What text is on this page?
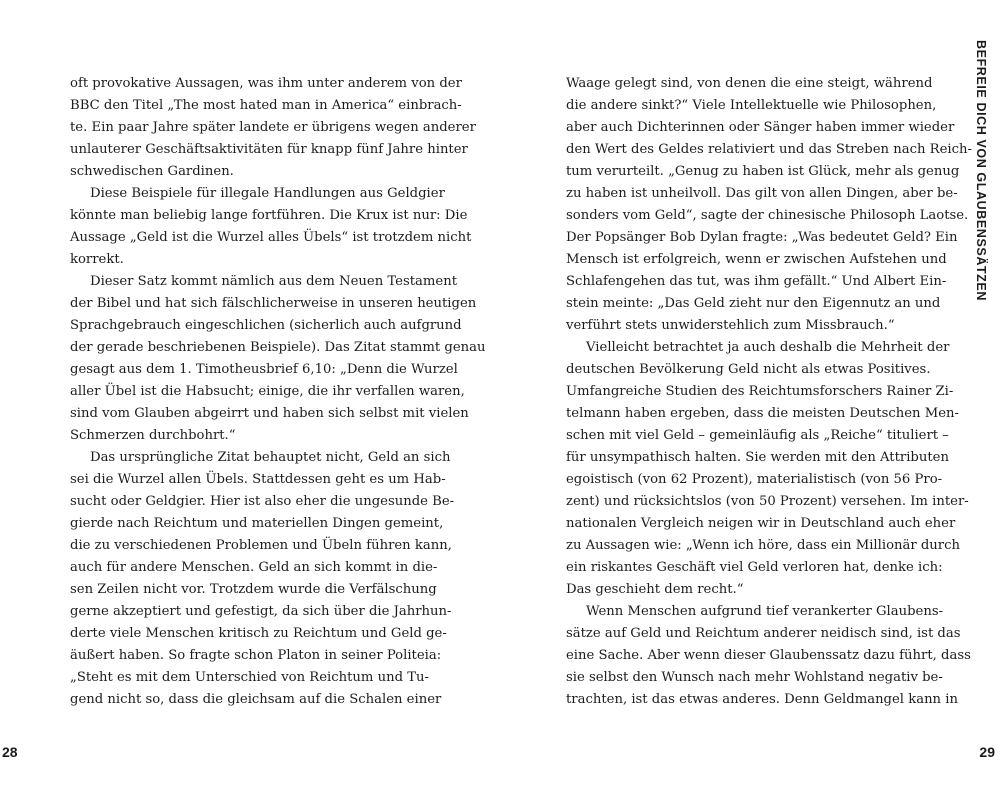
oft provokative Aussagen, was ihm unter anderem von der
BBC den Titel „The most hated man in America“ einbrach-
te. Ein paar Jahre später landete er übrigens wegen anderer
unlauterer Geschäftsaktivitäten für knapp fünf Jahre hinter
schwedischen Gardinen.

Diese Beispiele für illegale Handlungen aus Geldgier
könnte man beliebig lange fortführen. Die Krux ist nur: Die
Aussage „Geld ist die Wurzel alles Übels“ ist trotzdem nicht
korrekt.

Dieser Satz kommt nämlich aus dem Neuen Testament
der Bibel und hat sich fälschlicherweise in unseren heutigen
Sprachgebrauch eingeschlichen (sicherlich auch aufgrund
der gerade beschriebenen Beispiele). Das Zitat stammt genau
gesagt aus dem 1. Timotheusbrief 6,10: „Denn die Wurzel
aller Übel ist die Habsucht; einige, die ihr verfallen waren,
sind vom Glauben abgeirrt und haben sich selbst mit vielen
Schmerzen durchbohrt.“

Das ursprüngliche Zitat behauptet nicht, Geld an sich
sei die Wurzel allen Übels. Stattdessen geht es um Hab-
sucht oder Geldgier. Hier ist also eher die ungesunde Be-
gierde nach Reichtum und materiellen Dingen gemeint,
die zu verschiedenen Problemen und Übeln führen kann,
auch für andere Menschen. Geld an sich kommt in die-
sen Zeilen nicht vor. Trotzdem wurde die Verfälschung
gerne akzeptiert und gefestigt, da sich über die Jahrhun-
derte viele Menschen kritisch zu Reichtum und Geld ge-
äußert haben. So fragte schon Platon in seiner Politeia:
„Steht es mit dem Unterschied von Reichtum und Tu-
gend nicht so, dass die gleichsam auf die Schalen einer

28

Waage gelegt sind, von denen die eine steigt, während
die andere sinkt?“ Viele Intellektuelle wie Philosophen,
aber auch Dichterinnen oder Sänger haben immer wieder
den Wert des Geldes relativiert und das Streben nach Reich-
tum verurteilt. „Genug zu haben ist Glück, mehr als genug
zu haben ist unheilvoll. Das gilt von allen Dingen, aber be-
sonders vom Geld“, sagte der chinesische Philosoph Laotse.
Der Popsänger Bob Dylan fragte: „Was bedeutet Geld? Ein
Mensch ist erfolgreich, wenn er zwischen Aufstehen und
Schlafengehen das tut, was ihm gefällt.“ Und Albert Ein-
stein meinte: „Das Geld zieht nur den Eigennutz an und
verführt stets unwiderstehlich zum Missbrauch.“

Vielleicht betrachtet ja auch deshalb die Mehrheit der
deutschen Bevölkerung Geld nicht als etwas Positives.
Umfangreiche Studien des Reichtumsforschers Rainer Zi-
telmann haben ergeben, dass die meisten Deutschen Men-
schen mit viel Geld – gemeinläufig als „Reiche“ tituliert –
für unsympathisch halten. Sie werden mit den Attributen
egoistisch (von 62 Prozent), materialistisch (von 56 Pro-
zent) und rücksichtslos (von 50 Prozent) versehen. Im inter-
nationalen Vergleich neigen wir in Deutschland auch eher
zu Aussagen wie: „Wenn ich höre, dass ein Millionär durch
ein riskantes Geschäft viel Geld verloren hat, denke ich:
Das geschieht dem recht.“

Wenn Menschen aufgrund tief verankerter Glaubens-
sätze auf Geld und Reichtum anderer neidisch sind, ist das
eine Sache. Aber wenn dieser Glaubenssatz dazu führt, dass
sie selbst den Wunsch nach mehr Wohlstand negativ be-
trachten, ist das etwas anderes. Denn Geldmangel kann in

29
BEFREIE DICH VON GLAUBENSSÄTZEN
